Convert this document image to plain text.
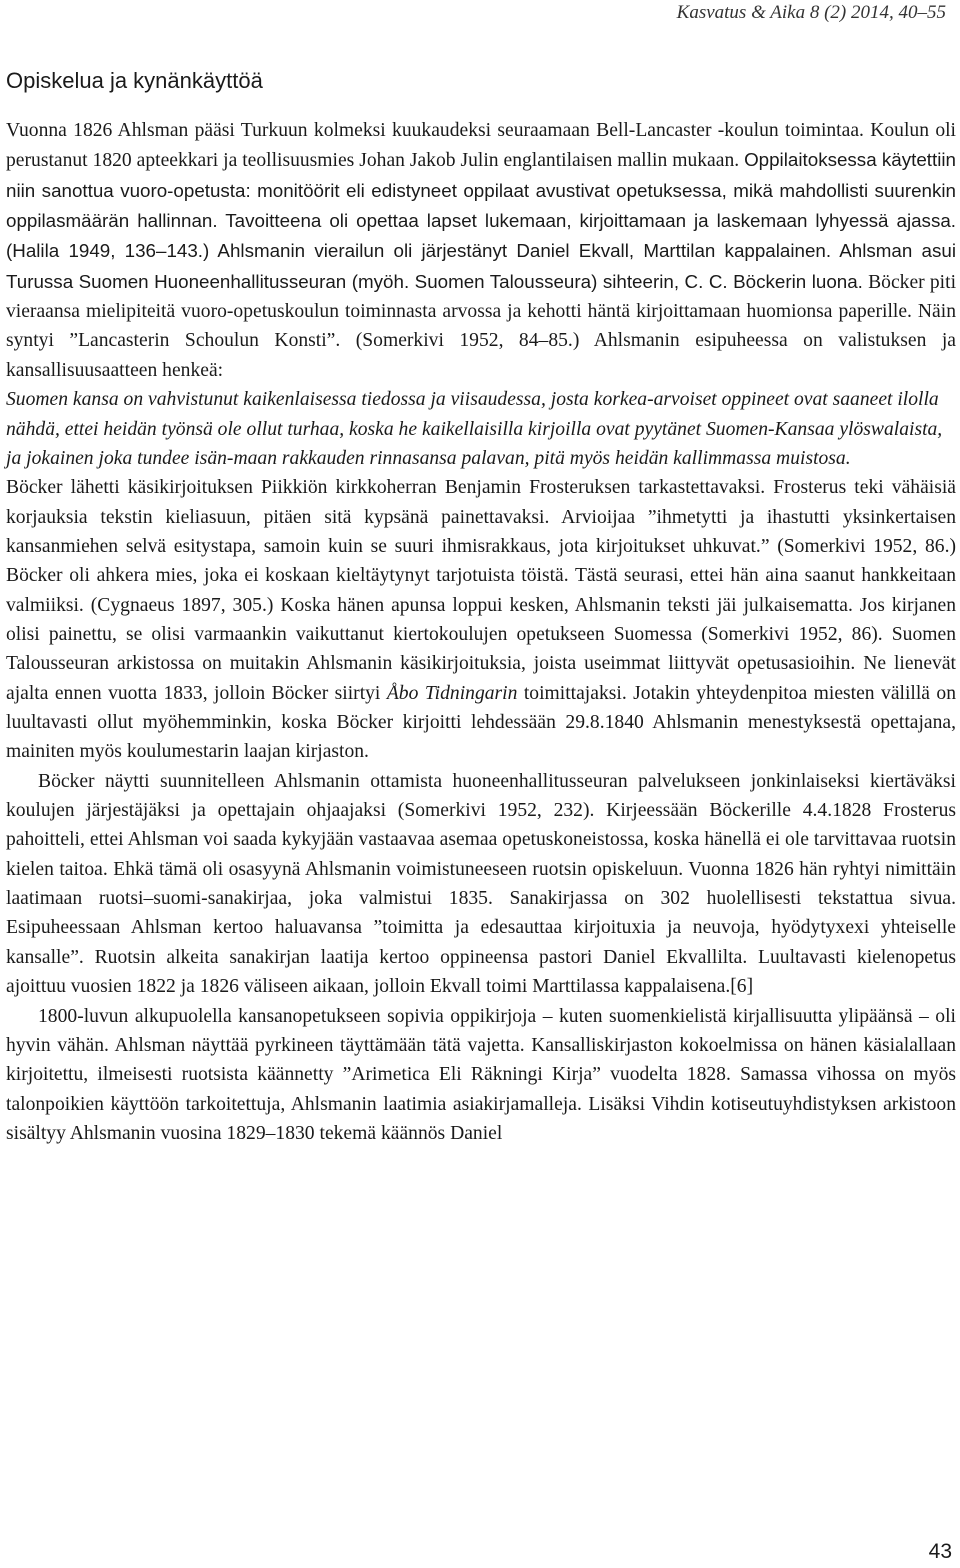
Kasvatus & Aika 8 (2) 2014, 40–55
Opiskelua ja kynänkäyttöä

Vuonna 1826 Ahlsman pääsi Turkuun kolmeksi kuukaudeksi seuraamaan Bell-Lancaster -koulun toimintaa. Koulun oli perustanut 1820 apteekkari ja teollisuusmies Johan Jakob Julin englantilaisen mallin mukaan. Oppilaitoksessa käytettiin niin sanottua vuoro-opetusta: monitöörit eli edistyneet oppilaat avustivat opetuksessa, mikä mahdollisti suurenkin oppilasmäärän hallinnan. Tavoitteena oli opettaa lapset lukemaan, kirjoittamaan ja laskemaan lyhyessä ajassa. (Halila 1949, 136–143.) Ahlsmanin vierailun oli järjestänyt Daniel Ekvall, Marttilan kappalainen. Ahlsman asui Turussa Suomen Huoneenhallitusseuran (myöh. Suomen Talousseura) sihteerin, C. C. Böckerin luona. Böcker piti vieraansa mielipiteitä vuoro-opetuskoulun toiminnasta arvossa ja kehotti häntä kirjoittamaan huomionsa paperille. Näin syntyi ”Lancasterin Schoulun Konsti”. (Somerkivi 1952, 84–85.) Ahlsmanin esipuheessa on valistuksen ja kansallisuusaatteen henkeä:

Suomen kansa on vahvistunut kaikenlaisessa tiedossa ja viisaudessa, josta korkea-arvoiset oppineet ovat saaneet ilolla nähdä, ettei heidän työnsä ole ollut turhaa, koska he kaikellaisilla kirjoilla ovat pyytänet Suomen-Kansaa ylöswalaista, ja jokainen joka tundee isän-maan rakkauden rinnasansa palavan, pitä myös heidän kallimmassa muistosa.

Böcker lähetti käsikirjoituksen Piikkiön kirkkoherran Benjamin Frosteruksen tarkastettavaksi. Frosterus teki vähäisiä korjauksia tekstin kieliasuun, pitäen sitä kypsänä painettavaksi. Arvioijaa ”ihmetytti ja ihastutti yksinkertaisen kansanmiehen selvä esitystapa, samoin kuin se suuri ihmisrakkaus, jota kirjoitukset uhkuvat.” (Somerkivi 1952, 86.) Böcker oli ahkera mies, joka ei koskaan kieltäytynyt tarjotuista töistä. Tästä seurasi, ettei hän aina saanut hankkeitaan valmiiksi. (Cygnaeus 1897, 305.) Koska hänen apunsa loppui kesken, Ahlsmanin teksti jäi julkaisematta. Jos kirjanen olisi painettu, se olisi varmaankin vaikuttanut kiertokoulujen opetukseen Suomessa (Somerkivi 1952, 86). Suomen Talousseuran arkistossa on muitakin Ahlsmanin käsikirjoituksia, joista useimmat liittyvät opetusasioihin. Ne lienevät ajalta ennen vuotta 1833, jolloin Böcker siirtyi Åbo Tidningarin toimittajaksi. Jotakin yhteydenpitoa miesten välillä on luultavasti ollut myöhemminkin, koska Böcker kirjoitti lehdessään 29.8.1840 Ahlsmanin menestyksestä opettajana, mainiten myös koulumestarin laajan kirjaston.

Böcker näytti suunnitelleen Ahlsmanin ottamista huoneenhallitusseuran palvelukseen jonkinlaiseksi kiertäväksi koulujen järjestäjäksi ja opettajain ohjaajaksi (Somerkivi 1952, 232). Kirjeessään Böckerille 4.4.1828 Frosterus pahoitteli, ettei Ahlsman voi saada kykyjään vastaavaa asemaa opetuskoneistossa, koska hänellä ei ole tarvittavaa ruotsin kielen taitoa. Ehkä tämä oli osasyynä Ahlsmanin voimistuneeseen ruotsin opiskeluun. Vuonna 1826 hän ryhtyi nimittäin laatimaan ruotsi–suomi-sanakirjaa, joka valmistui 1835. Sanakirjassa on 302 huolellisesti tekstattua sivua. Esipuheessaan Ahlsman kertoo haluavansa ”toimitta ja edesauttaa kirjoituxia ja neuvoja, hyödytyxexi yhteiselle kansalle”. Ruotsin alkeita sanakirjan laatija kertoo oppineensa pastori Daniel Ekvallilta. Luultavasti kielenopetus ajoittuu vuosien 1822 ja 1826 väliseen aikaan, jolloin Ekvall toimi Marttilassa kappalaisena.[6]

1800-luvun alkupuolella kansanopetukseen sopivia oppikirjoja – kuten suomenkielistä kirjallisuutta ylipäänsä – oli hyvin vähän. Ahlsman näyttää pyrkineen täyttämään tätä vajetta. Kansalliskirjaston kokoelmissa on hänen käsialallaan kirjoitettu, ilmeisesti ruotsista käännetty ”Arimetica Eli Räkningi Kirja” vuodelta 1828. Samassa vihossa on myös talonpoikien käyttöön tarkoitettuja, Ahlsmanin laatimia asiakirjamalleja. Lisäksi Vihdin kotiseutuyhdistyksen arkistoon sisältyy Ahlsmanin vuosina 1829–1830 tekemä käännös Daniel

43
